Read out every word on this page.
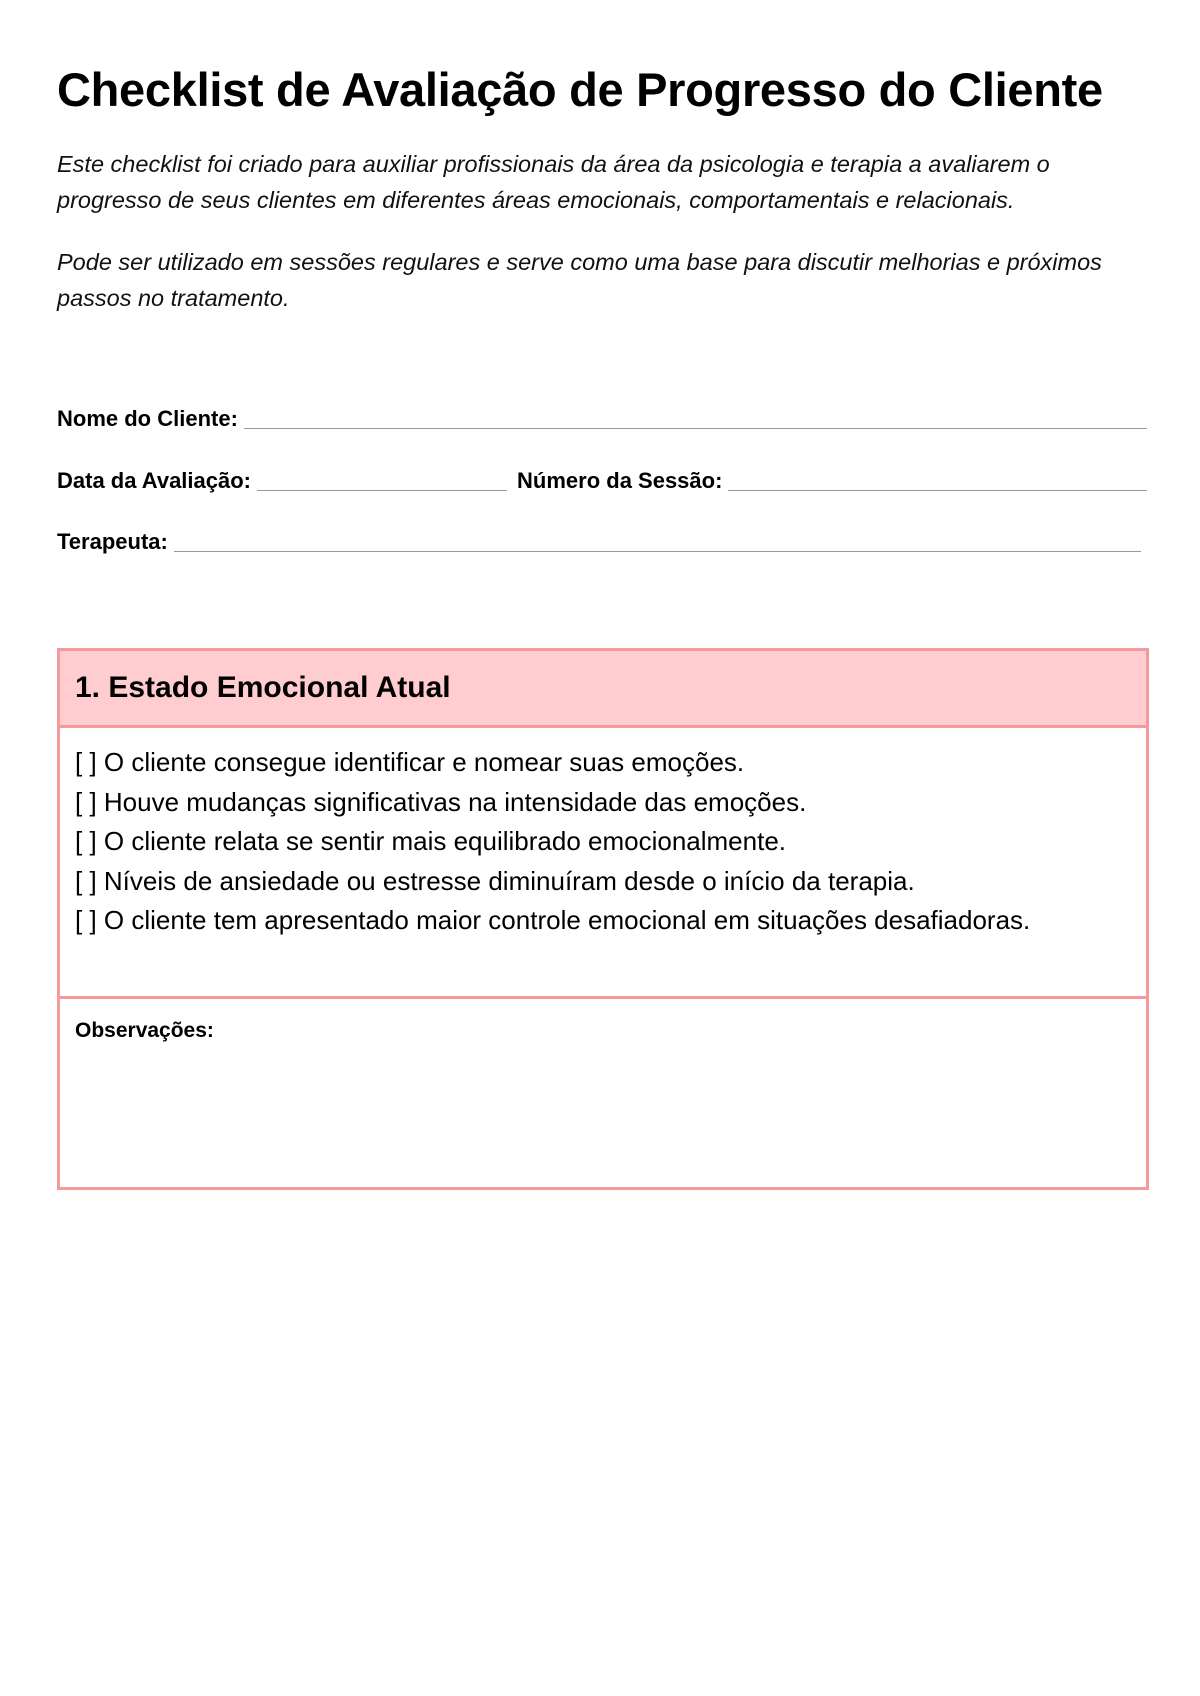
Checklist de Avaliação de Progresso do Cliente

Este checklist foi criado para auxiliar profissionais da área da psicologia e terapia a avaliarem o progresso de seus clientes em diferentes áreas emocionais, comportamentais e relacionais.

Pode ser utilizado em sessões regulares e serve como uma base para discutir melhorias e próximos passos no tratamento.

Nome do Cliente:
Data da Avaliação:	Número da Sessão:
Terapeuta:
1. Estado Emocional Atual
[ ] O cliente consegue identificar e nomear suas emoções.
[ ] Houve mudanças significativas na intensidade das emoções.
[ ] O cliente relata se sentir mais equilibrado emocionalmente.
[ ] Níveis de ansiedade ou estresse diminuíram desde o início da terapia.
[ ] O cliente tem apresentado maior controle emocional em situações desafiadoras.
Observações:
